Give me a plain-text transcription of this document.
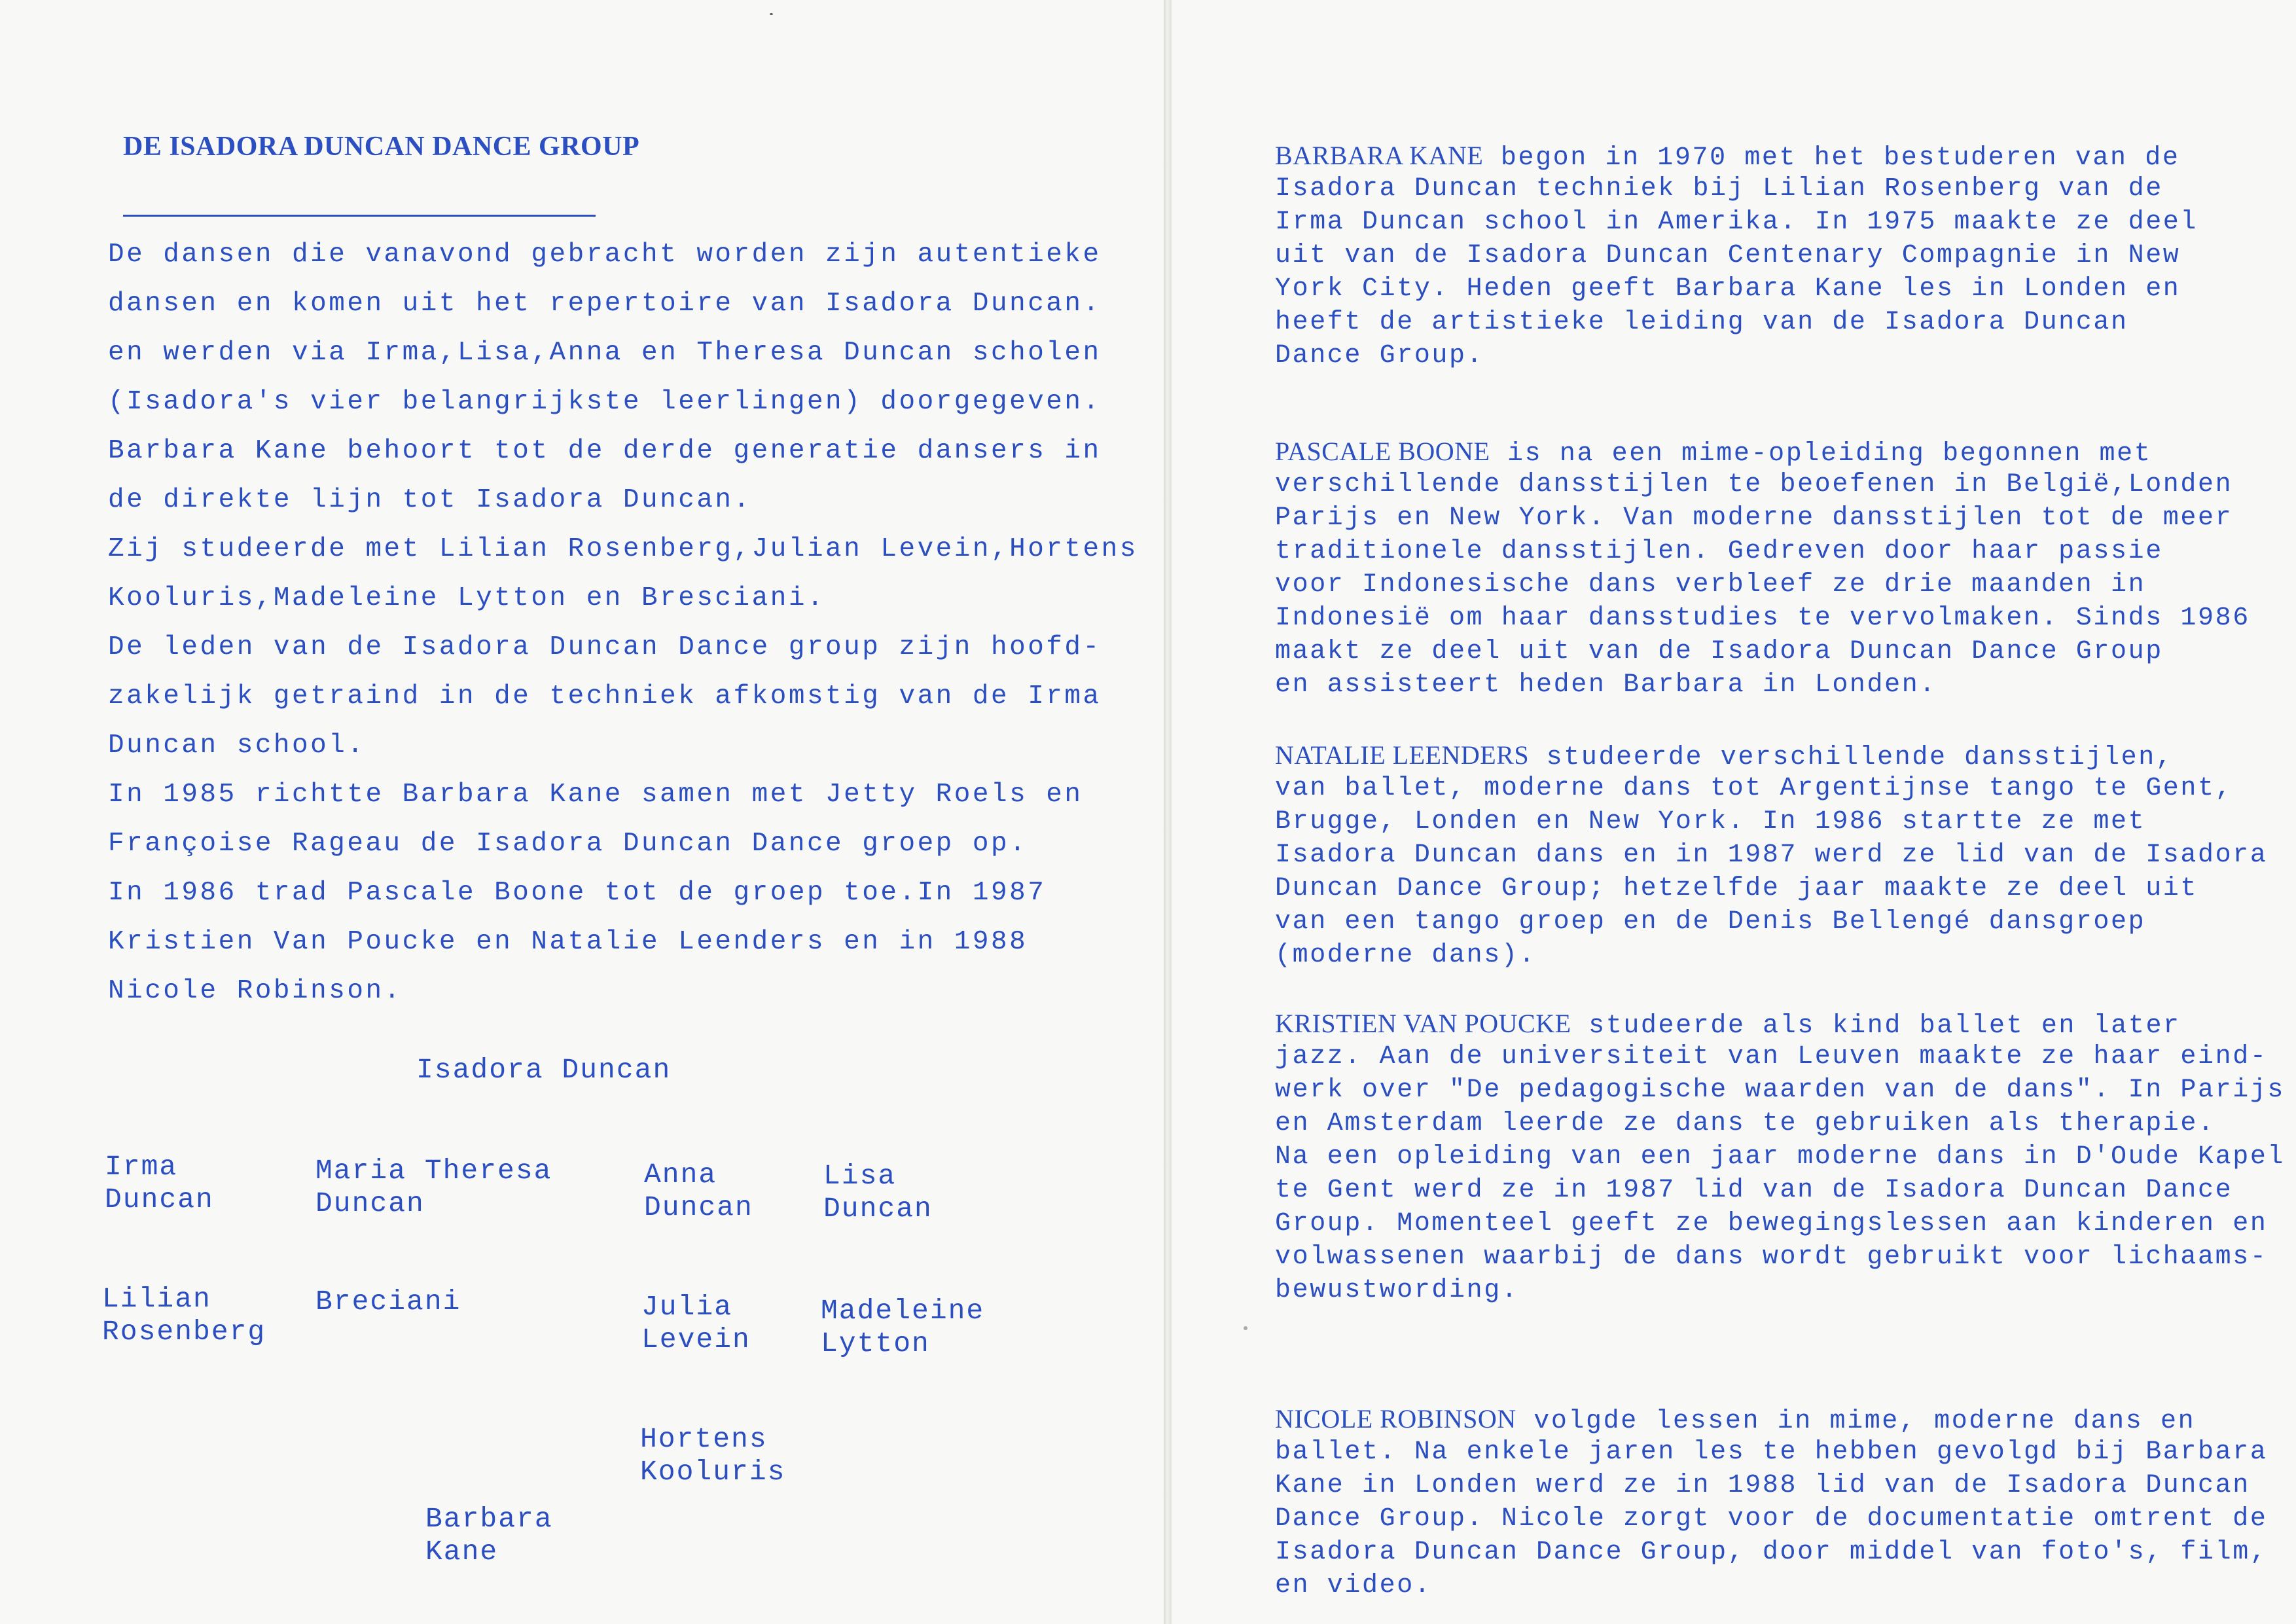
DE ISADORA DUNCAN DANCE GROUP
De dansen die vanavond gebracht worden zijn autentieke
dansen en komen uit het repertoire van Isadora Duncan.
en werden via Irma,Lisa,Anna en Theresa Duncan scholen
(Isadora's vier belangrijkste leerlingen) doorgegeven.
Barbara Kane behoort tot de derde generatie dansers in
de direkte lijn tot Isadora Duncan.
Zij studeerde met Lilian Rosenberg,Julian Levein,Hortens
Kooluris,Madeleine Lytton en Bresciani.
De leden van de Isadora Duncan Dance group zijn hoofd-
zakelijk getraind in de techniek afkomstig van de Irma
Duncan school.
In 1985 richtte Barbara Kane samen met Jetty Roels en
Françoise Rageau de Isadora Duncan Dance groep op.
In 1986 trad Pascale Boone tot de groep toe.In 1987
Kristien Van Poucke en Natalie Leenders en in 1988
Nicole Robinson.
Isadora Duncan
Irma
Duncan
Maria Theresa
Duncan
Anna
Duncan
Lisa
Duncan
Lilian
Rosenberg
Breciani	Julia
Levein
Madeleine
Lytton
Hortens
Kooluris
Barbara
Kane
BARBARA KANE begon in 1970 met het bestuderen van de
Isadora Duncan techniek bij Lilian Rosenberg van de
Irma Duncan school in Amerika. In 1975 maakte ze deel
uit van de Isadora Duncan Centenary Compagnie in New
York City. Heden geeft Barbara Kane les in Londen en
heeft de artistieke leiding van de Isadora Duncan
Dance Group.
PASCALE BOONE is na een mime-opleiding begonnen met
verschillende dansstijlen te beoefenen in België,Londen
Parijs en New York. Van moderne dansstijlen tot de meer
traditionele dansstijlen. Gedreven door haar passie
voor Indonesische dans verbleef ze drie maanden in
Indonesië om haar dansstudies te vervolmaken. Sinds 1986
maakt ze deel uit van de Isadora Duncan Dance Group
en assisteert heden Barbara in Londen.
NATALIE LEENDERS studeerde verschillende dansstijlen,
van ballet, moderne dans tot Argentijnse tango te Gent,
Brugge, Londen en New York. In 1986 startte ze met
Isadora Duncan dans en in 1987 werd ze lid van de Isadora
Duncan Dance Group; hetzelfde jaar maakte ze deel uit
van een tango groep en de Denis Bellengé dansgroep
(moderne dans).
KRISTIEN VAN POUCKE studeerde als kind ballet en later
jazz. Aan de universiteit van Leuven maakte ze haar eind-
werk over "De pedagogische waarden van de dans". In Parijs
en Amsterdam leerde ze dans te gebruiken als therapie.
Na een opleiding van een jaar moderne dans in D'Oude Kapel
te Gent werd ze in 1987 lid van de Isadora Duncan Dance
Group. Momenteel geeft ze bewegingslessen aan kinderen en
volwassenen waarbij de dans wordt gebruikt voor lichaams-
bewustwording.
NICOLE ROBINSON volgde lessen in mime, moderne dans en
ballet. Na enkele jaren les te hebben gevolgd bij Barbara
Kane in Londen werd ze in 1988 lid van de Isadora Duncan
Dance Group. Nicole zorgt voor de documentatie omtrent de
Isadora Duncan Dance Group, door middel van foto's, film,
en video.
